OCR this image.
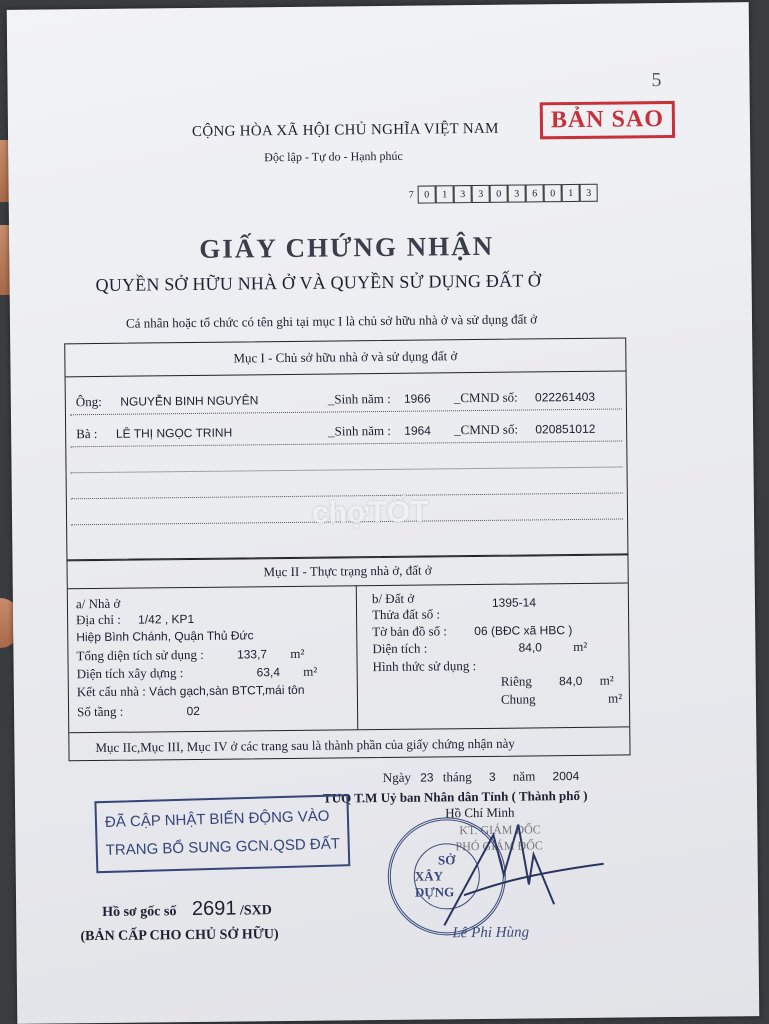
5
CỘNG HÒA XÃ HỘI CHỦ NGHĨA VIỆT NAM
Độc lập - Tự do - Hạnh phúc
BẢN SAO
7	0	1	3	3	0	3	6	0	1	3
GIẤY CHỨNG NHẬN
QUYỀN SỞ HỮU NHÀ Ở VÀ QUYỀN SỬ DỤNG ĐẤT Ở
Cá nhân hoặc tổ chức có tên ghi tại mục I là chủ sở hữu nhà ở và sử dụng đất ở
Mục I - Chủ sở hữu nhà ở và sử dụng đất ở
Ông: NGUYỄN BINH NGUYÊN	_Sinh năm : 1966 _CMND số: 022261403
Bà : LÊ THỊ NGỌC TRINH	_Sinh năm : 1964 _CMND số: 020851012
Mục II - Thực trạng nhà ở, đất ở
a/ Nhà ở
Địa chỉ : 1/42 , KP1
Hiệp Bình Chánh, Quận Thủ Đức
Tổng diện tích sử dụng :	133,7 m²
Diện tích xây dựng :	63,4 m²
Kết cấu nhà : Vách gạch,sàn BTCT,mái tôn
Số tầng :	02
b/ Đất ở	1395-14
Thửa đất số :
Tờ bản đồ số : 06 (BĐC xã HBC )
Diện tích :	84,0 m²
Hình thức sử dụng :
Riêng 84,0 m²
Chung	m²
Mục IIc,Mục III, Mục IV ở các trang sau là thành phần của giấy chứng nhận này
Ngày 23 tháng 3 năm 2004
TUQ T.M Uỷ ban Nhân dân Tỉnh ( Thành phố )
Hồ Chí Minh
KT. GIÁM ĐỐC
PHÓ GIÁM ĐỐC
SỞ
XÂY DỰNG
Lê Phi Hùng
ĐÃ CẬP NHẬT BIẾN ĐỘNG VÀO
TRANG BỔ SUNG GCN.QSD ĐẤT
Hồ sơ gốc số 2691 /SXD
(BẢN CẤP CHO CHỦ SỞ HỮU)
chợTỐT
